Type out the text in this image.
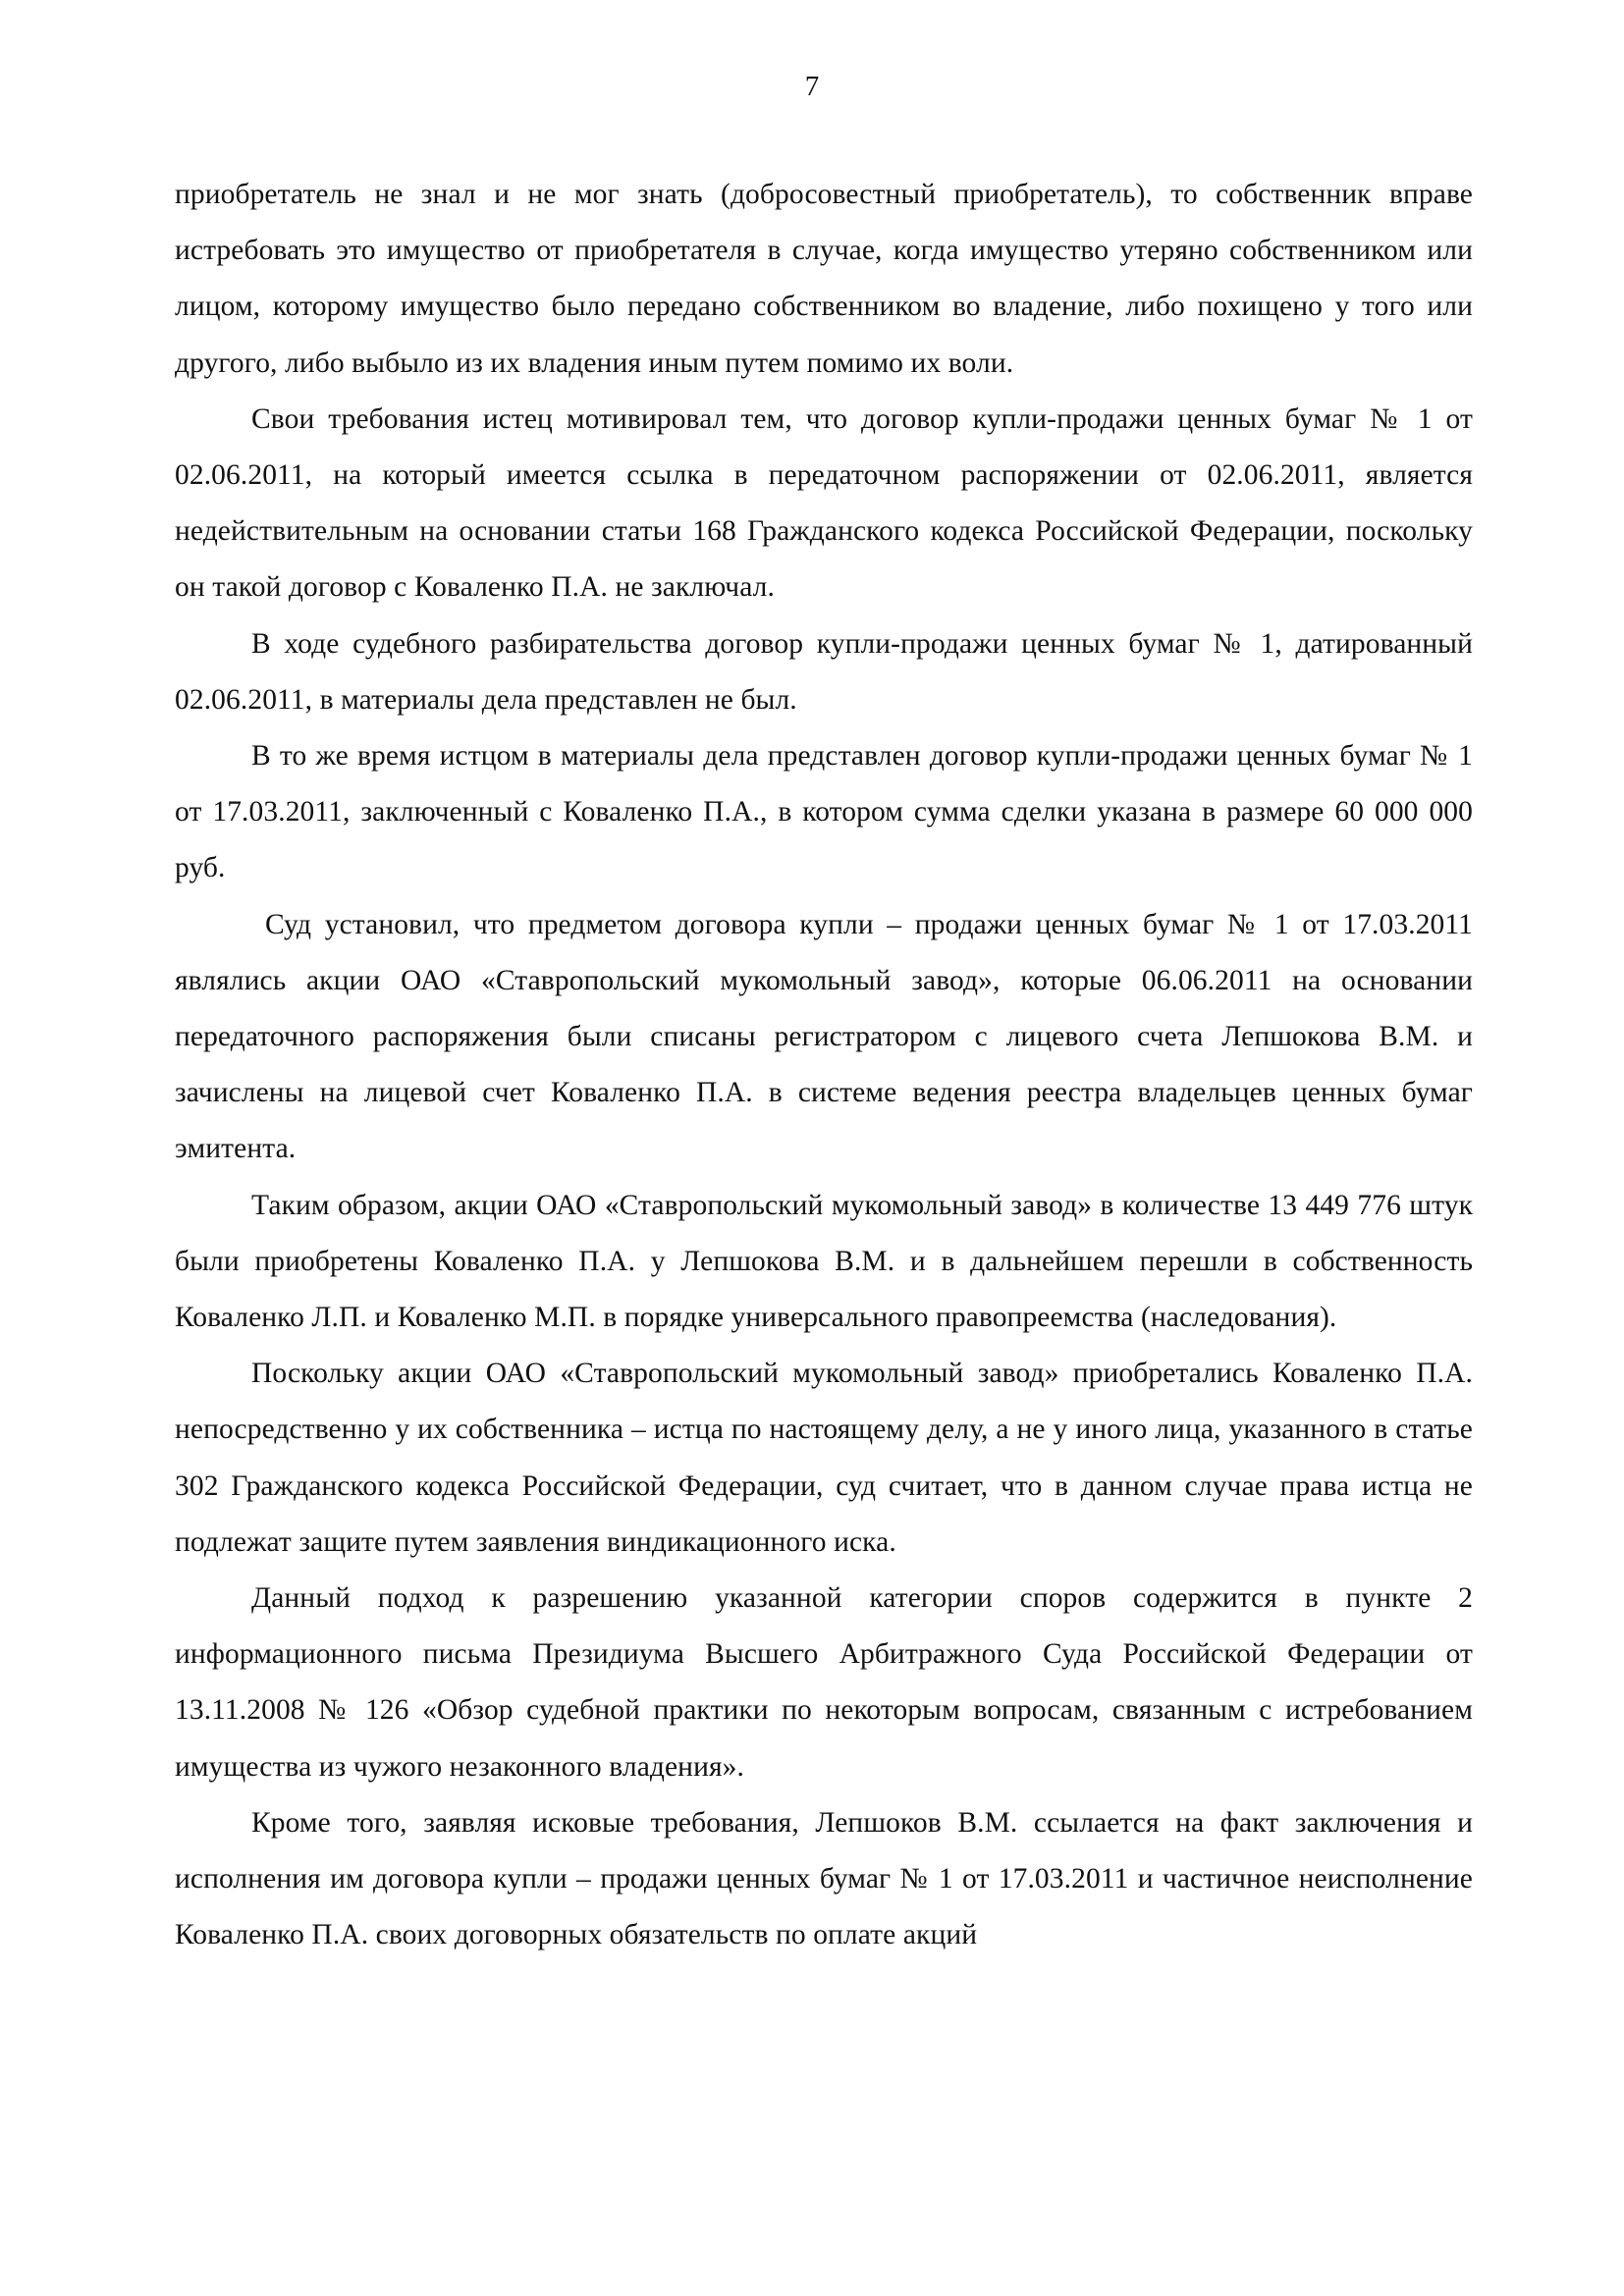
7

приобретатель не знал и не мог знать (добросовестный приобретатель), то собственник вправе истребовать это имущество от приобретателя в случае, когда имущество утеряно собственником или лицом, которому имущество было передано собственником во владение, либо похищено у того или другого, либо выбыло из их владения иным путем помимо их воли.

Свои требования истец мотивировал тем, что договор купли-продажи ценных бумаг № 1 от 02.06.2011, на который имеется ссылка в передаточном распоряжении от 02.06.2011, является недействительным на основании статьи 168 Гражданского кодекса Российской Федерации, поскольку он такой договор с Коваленко П.А. не заключал.

В ходе судебного разбирательства договор купли-продажи ценных бумаг № 1, датированный 02.06.2011, в материалы дела представлен не был.

В то же время истцом в материалы дела представлен договор купли-продажи ценных бумаг № 1 от 17.03.2011, заключенный с Коваленко П.А., в котором сумма сделки указана в размере 60 000 000 руб.

Суд установил, что предметом договора купли – продажи ценных бумаг № 1 от 17.03.2011 являлись акции ОАО «Ставропольский мукомольный завод», которые 06.06.2011 на основании передаточного распоряжения были списаны регистратором с лицевого счета Лепшокова В.М. и зачислены на лицевой счет Коваленко П.А. в системе ведения реестра владельцев ценных бумаг эмитента.

Таким образом, акции ОАО «Ставропольский мукомольный завод» в количестве 13 449 776 штук были приобретены Коваленко П.А. у Лепшокова В.М. и в дальнейшем перешли в собственность Коваленко Л.П. и Коваленко М.П. в порядке универсального правопреемства (наследования).

Поскольку акции ОАО «Ставропольский мукомольный завод» приобретались Коваленко П.А. непосредственно у их собственника – истца по настоящему делу, а не у иного лица, указанного в статье 302 Гражданского кодекса Российской Федерации, суд считает, что в данном случае права истца не подлежат защите путем заявления виндикационного иска.

Данный подход к разрешению указанной категории споров содержится в пункте 2 информационного письма Президиума Высшего Арбитражного Суда Российской Федерации от 13.11.2008 № 126 «Обзор судебной практики по некоторым вопросам, связанным с истребованием имущества из чужого незаконного владения».

Кроме того, заявляя исковые требования, Лепшоков В.М. ссылается на факт заключения и исполнения им договора купли – продажи ценных бумаг № 1 от 17.03.2011 и частичное неисполнение Коваленко П.А. своих договорных обязательств по оплате акций
